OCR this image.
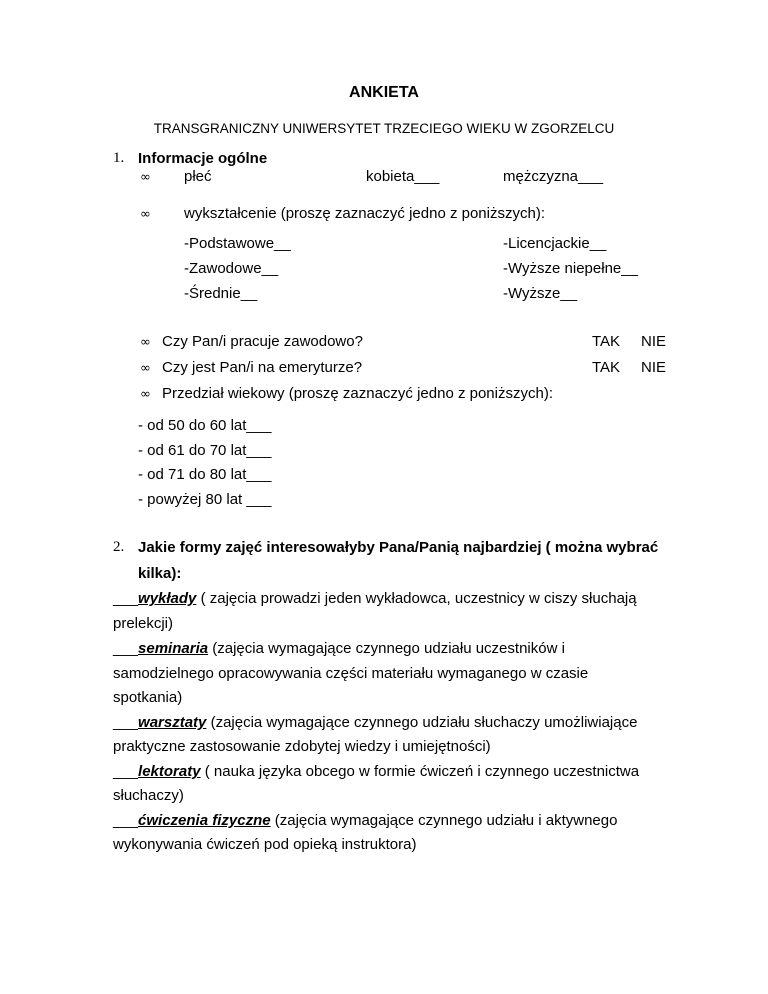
ANKIETA
TRANSGRANICZNY UNIWERSYTET TRZECIEGO WIEKU W ZGORZELCU
1. Informacje ogólne
∞ płeć	kobieta___	mężczyzna___
∞ wykształcenie (proszę zaznaczyć jedno z poniższych):
-Podstawowe__	-Licencjackie__
-Zawodowe__	-Wyższe niepełne__
-Średnie__	-Wyższe__
∞ Czy Pan/i pracuje zawodowo?	TAK NIE
∞ Czy jest Pan/i na emeryturze?	TAK NIE
∞ Przedział wiekowy (proszę zaznaczyć jedno z poniższych):
- od 50 do 60 lat___
- od 61 do 70 lat___
- od 71 do 80 lat___
- powyżej 80 lat ___
2. Jakie formy zajęć interesowałyby Pana/Panią najbardziej ( można wybrać
kilka):
___wykłady ( zajęcia prowadzi jeden wykładowca, uczestnicy w ciszy słuchają
prelekcji)
___seminaria (zajęcia wymagające czynnego udziału uczestników i
samodzielnego opracowywania części materiału wymaganego w czasie
spotkania)
___warsztaty (zajęcia wymagające czynnego udziału słuchaczy umożliwiające
praktyczne zastosowanie zdobytej wiedzy i umiejętności)
___lektoraty ( nauka języka obcego w formie ćwiczeń i czynnego uczestnictwa
słuchaczy)
___ćwiczenia fizyczne (zajęcia wymagające czynnego udziału i aktywnego
wykonywania ćwiczeń pod opieką instruktora)
